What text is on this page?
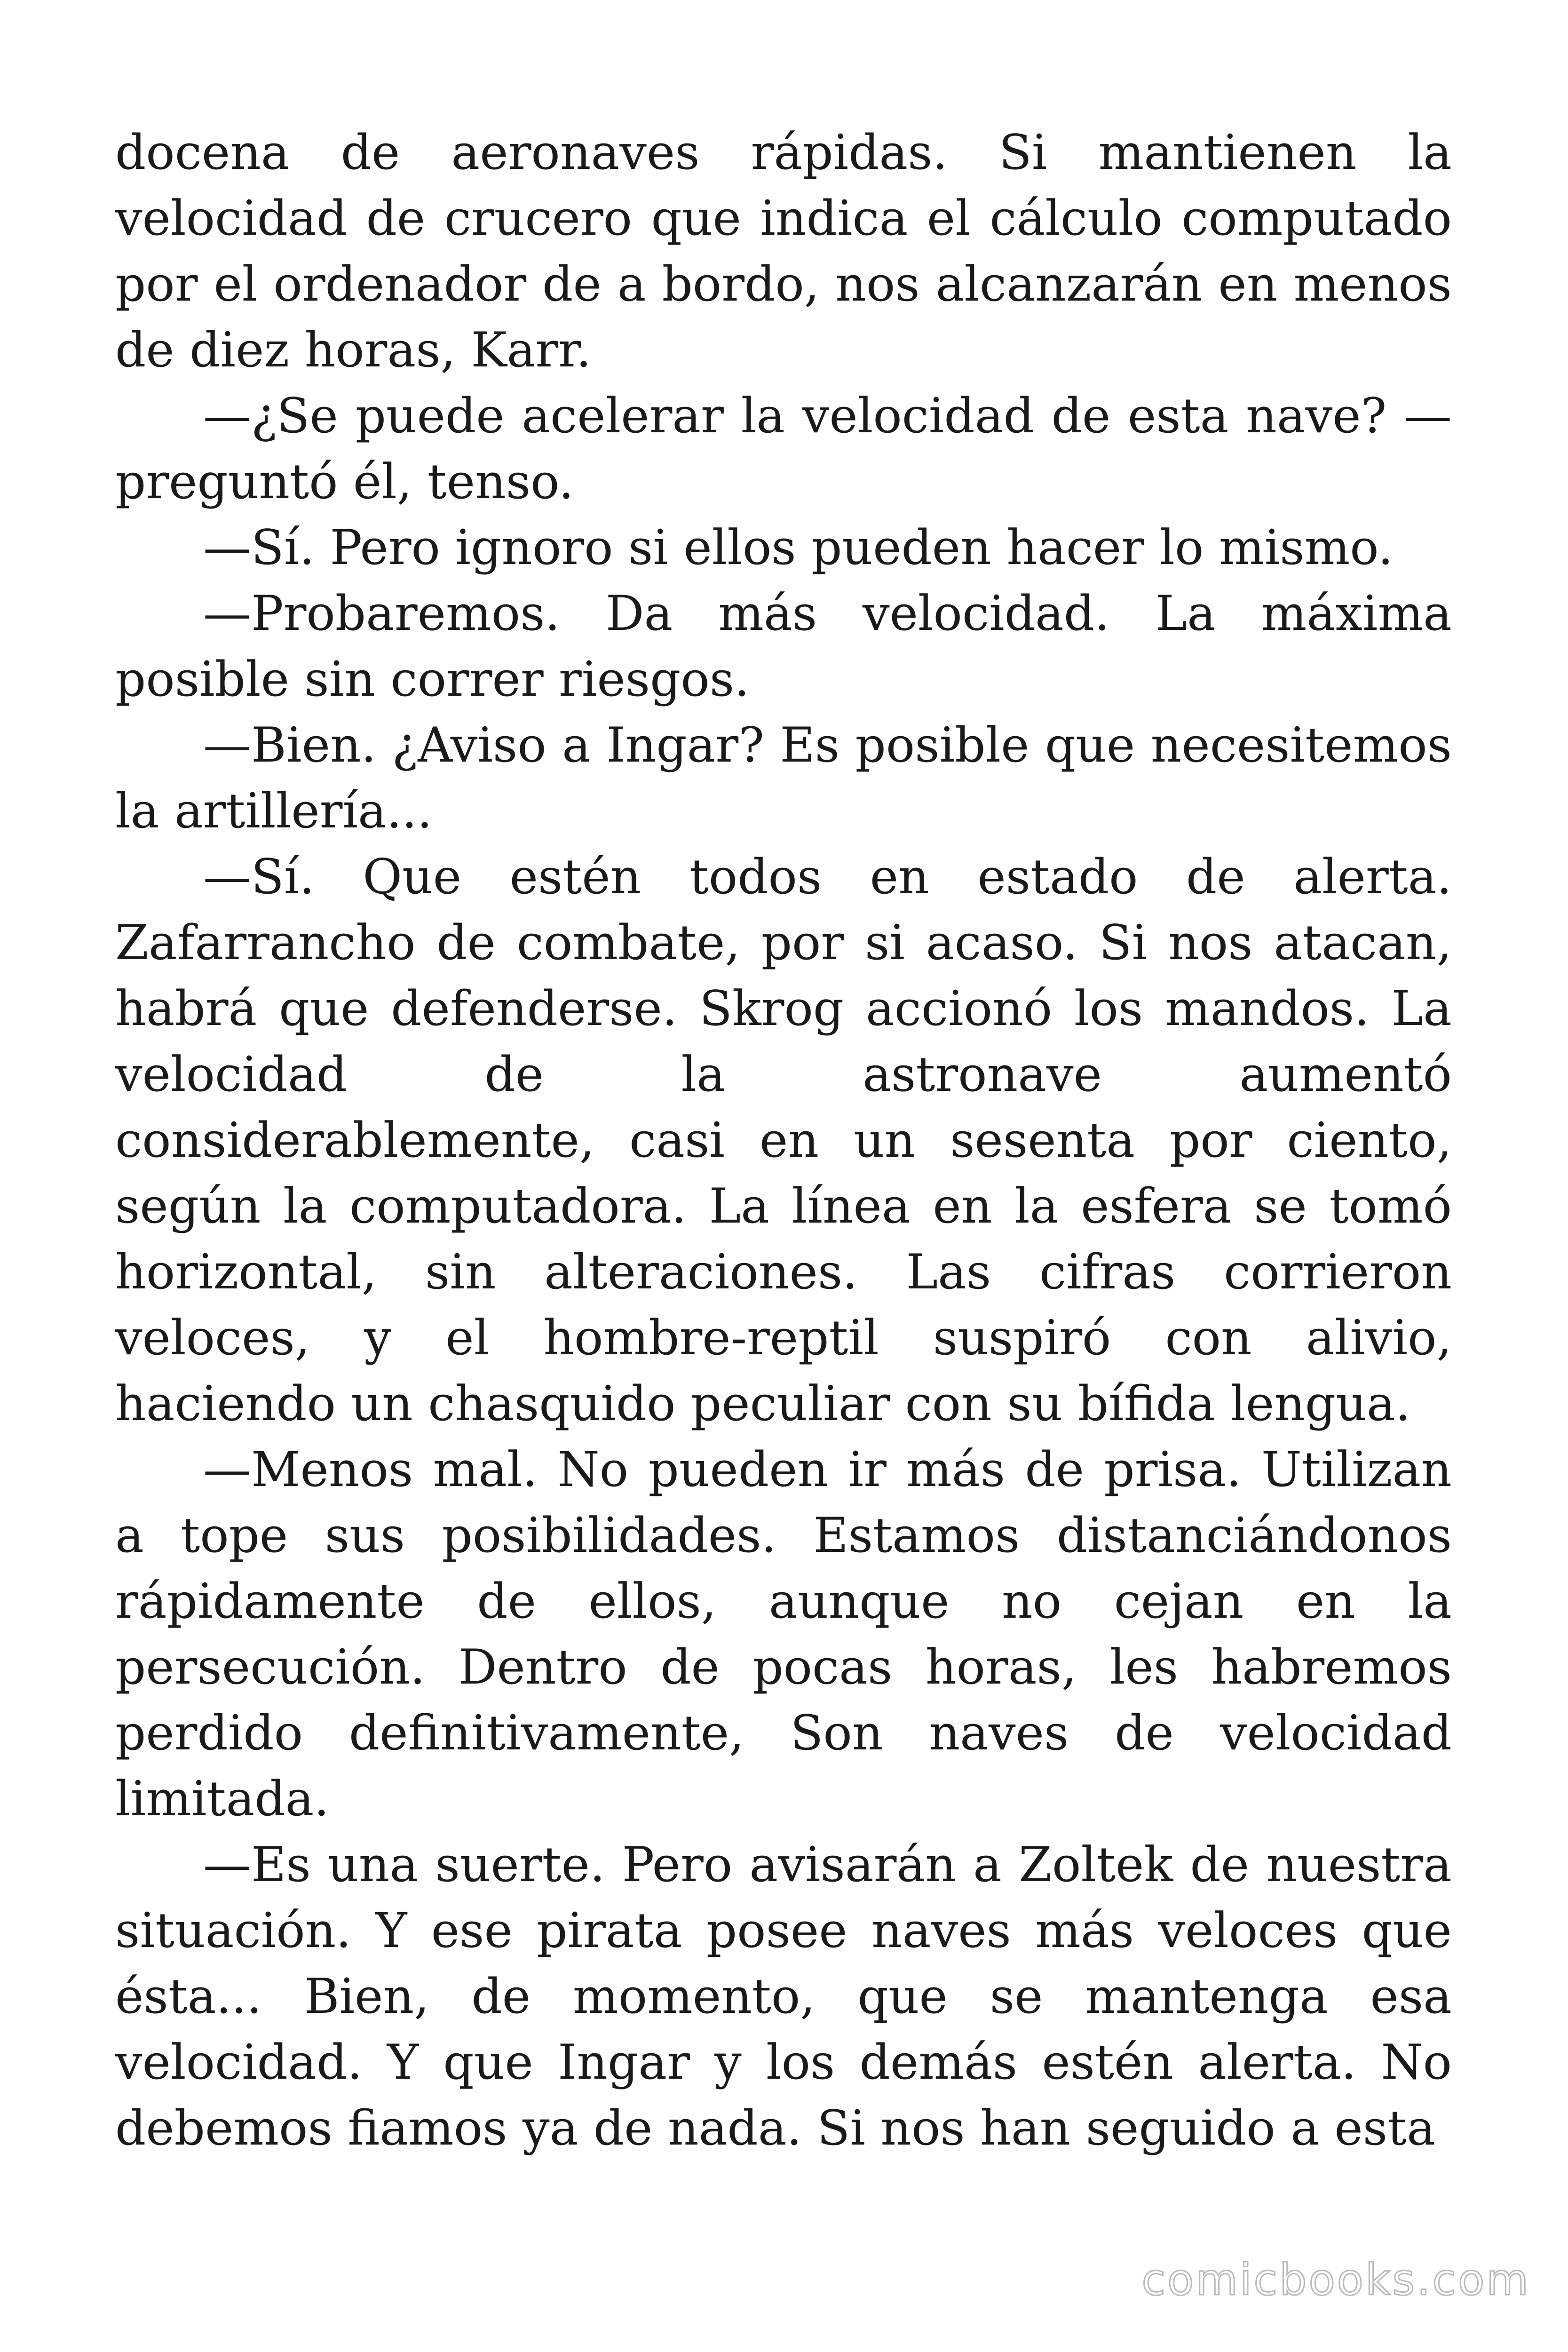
docena de aeronaves rápidas. Si mantienen la velocidad de crucero que indica el cálculo computado por el ordenador de a bordo, nos alcanzarán en menos de diez horas, Karr.

—¿Se puede acelerar la velocidad de esta nave? —preguntó él, tenso.

—Sí. Pero ignoro si ellos pueden hacer lo mismo.

—Probaremos. Da más velocidad. La máxima posible sin correr riesgos.

—Bien. ¿Aviso a Ingar? Es posible que necesitemos la artillería...

—Sí. Que estén todos en estado de alerta. Zafarrancho de combate, por si acaso. Si nos atacan, habrá que defenderse. Skrog accionó los mandos. La velocidad de la astronave aumentó considerablemente, casi en un sesenta por ciento, según la computadora. La línea en la esfera se tomó horizontal, sin alteraciones. Las cifras corrieron veloces, y el hombre-reptil suspiró con alivio, haciendo un chasquido peculiar con su bífida lengua.

—Menos mal. No pueden ir más de prisa. Utilizan a tope sus posibilidades. Estamos distanciándonos rápidamente de ellos, aunque no cejan en la persecución. Dentro de pocas horas, les habremos perdido definitivamente, Son naves de velocidad limitada.

—Es una suerte. Pero avisarán a Zoltek de nuestra situación. Y ese pirata posee naves más veloces que ésta... Bien, de momento, que se mantenga esa velocidad. Y que Ingar y los demás estén alerta. No debemos fiamos ya de nada. Si nos han seguido a esta

comicbooks.com
